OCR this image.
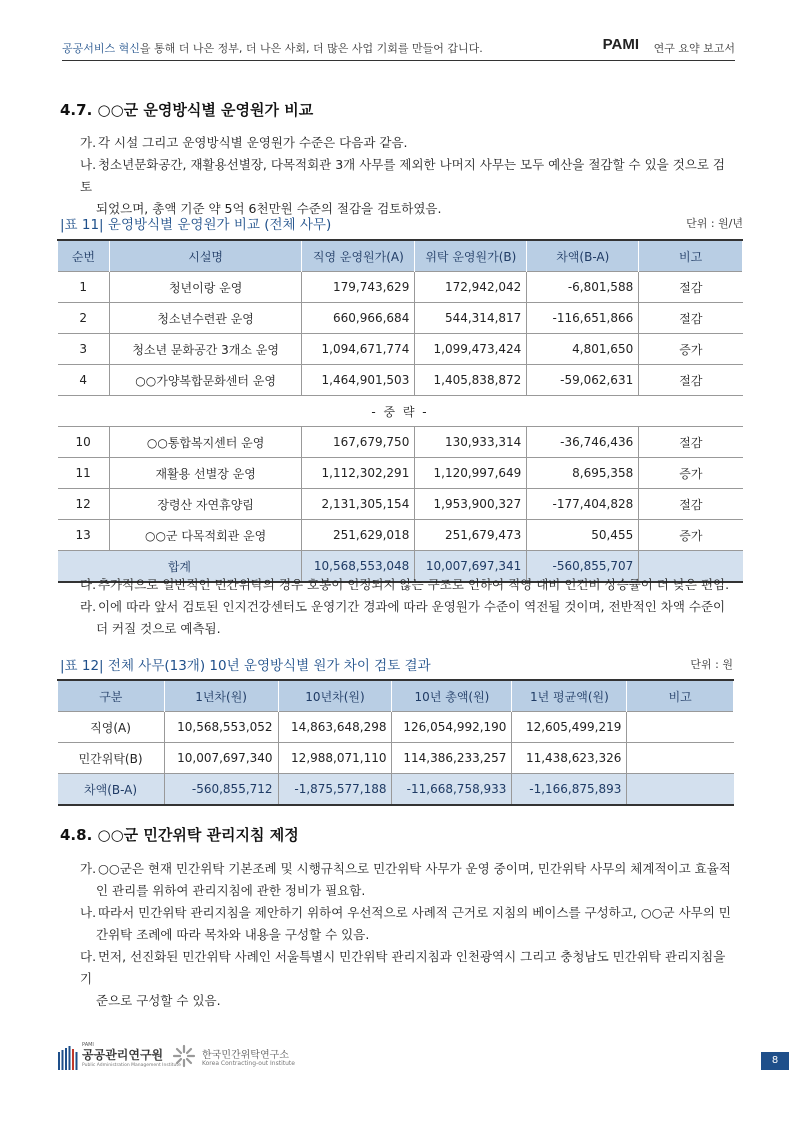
공공서비스 혁신을 통해 더 나은 정부, 더 나은 사회, 더 많은 사업 기회를 만들어 갑니다.	PAMI 연구 요약 보고서
4.7. ○○군 운영방식별 운영원가 비교
가. 각 시설 그리고 운영방식별 운영원가 수준은 다음과 같음.
나. 청소년문화공간, 재활용선별장, 다목적회관 3개 사무를 제외한 나머지 사무는 모두 예산을 절감할 수 있을 것으로 검토
되었으며, 총액 기준 약 5억 6천만원 수준의 절감을 검토하였음.
|표 11| 운영방식별 운영원가 비교 (전체 사무)	단위 : 원/년
순번	시설명	직영 운영원가(A)	위탁 운영원가(B)	차액(B-A)	비고
1	청년이랑 운영	179,743,629	172,942,042	-6,801,588	절감
2	청소년수련관 운영	660,966,684	544,314,817	-116,651,866	절감
3	청소년 문화공간 3개소 운영	1,094,671,774	1,099,473,424	4,801,650	증가
4	○○가양복합문화센터 운영	1,464,901,503	1,405,838,872	-59,062,631	절감
- 중 략 -					
10	○○통합복지센터 운영	167,679,750	130,933,314	-36,746,436	절감
11	재활용 선별장 운영	1,112,302,291	1,120,997,649	8,695,358	증가
12	장령산 자연휴양림	2,131,305,154	1,953,900,327	-177,404,828	절감
13	○○군 다목적회관 운영	251,629,018	251,679,473	50,455	증가
합계		10,568,553,048	10,007,697,341	-560,855,707	
다. 추가적으로 일반적인 민간위탁의 경우 호봉이 인정되지 않는 구조로 인하여 직영 대비 인건비 상승률이 더 낮은 편임.
라. 이에 따라 앞서 검토된 인지건강센터도 운영기간 경과에 따라 운영원가 수준이 역전될 것이며, 전반적인 차액 수준이
더 커질 것으로 예측됨.
|표 12| 전체 사무(13개) 10년 운영방식별 원가 차이 검토 결과	단위 : 원
구분	1년차(원)	10년차(원)	10년 총액(원)	1년 평균액(원)	비고
직영(A)	10,568,553,052	14,863,648,298	126,054,992,190	12,605,499,219	
민간위탁(B)	10,007,697,340	12,988,071,110	114,386,233,257	11,438,623,326	
차액(B-A)	-560,855,712	-1,875,577,188	-11,668,758,933	-1,166,875,893	
4.8. ○○군 민간위탁 관리지침 제정
가. ○○군은 현재 민간위탁 기본조례 및 시행규칙으로 민간위탁 사무가 운영 중이며, 민간위탁 사무의 체계적이고 효율적
인 관리를 위하여 관리지침에 관한 정비가 필요함.
나. 따라서 민간위탁 관리지침을 제안하기 위하여 우선적으로 사례적 근거로 지침의 베이스를 구성하고, ○○군 사무의 민
간위탁 조례에 따라 목차와 내용을 구성할 수 있음.
다. 먼저, 선진화된 민간위탁 사례인 서울특별시 민간위탁 관리지침과 인천광역시 그리고 충청남도 민간위탁 관리지침을 기
준으로 구성할 수 있음.
PAMI
공공관리연구원
Public Administration Management Institute
한국민간위탁연구소
Korea Contracting-out Institute	8
